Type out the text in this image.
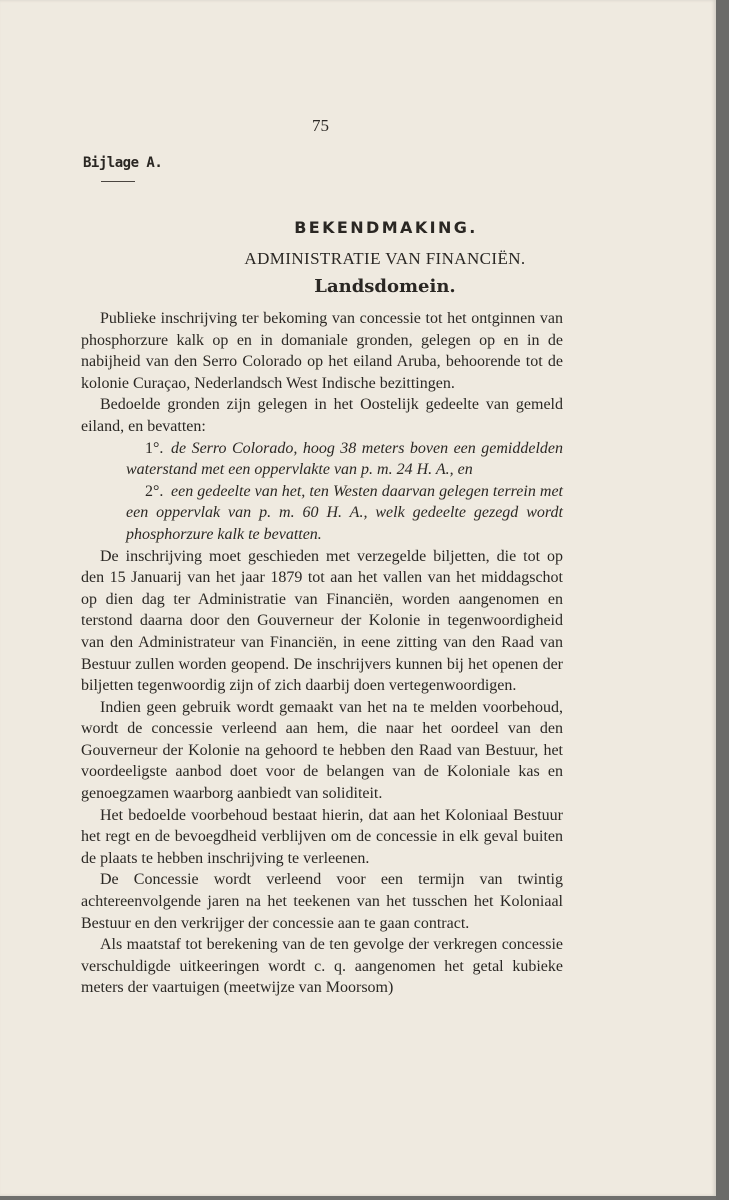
75
Bijlage A.
BEKENDMAKING.
ADMINISTRATIE VAN FINANCIËN.
Landsdomein.

Publieke inschrijving ter bekoming van concessie tot het ontginnen van phosphorzure kalk op en in domaniale gronden, gelegen op en in de nabijheid van den Serro Colorado op het eiland Aruba, behoorende tot de kolonie Curaçao, Nederlandsch West Indische bezittingen.

Bedoelde gronden zijn gelegen in het Oostelijk gedeelte van gemeld eiland, en bevatten:

1°. de Serro Colorado, hoog 38 meters boven een gemiddelden waterstand met een oppervlakte van p. m. 24 H. A., en

2°. een gedeelte van het, ten Westen daarvan gelegen terrein met een oppervlak van p. m. 60 H. A., welk gedeelte gezegd wordt phosphorzure kalk te bevatten.

De inschrijving moet geschieden met verzegelde biljetten, die tot op den 15 Januarij van het jaar 1879 tot aan het vallen van het middagschot op dien dag ter Administratie van Financiën, worden aangenomen en terstond daarna door den Gouverneur der Kolonie in tegenwoordigheid van den Administrateur van Financiën, in eene zitting van den Raad van Bestuur zullen worden geopend. De inschrijvers kunnen bij het openen der biljetten tegenwoordig zijn of zich daarbij doen vertegenwoordigen.

Indien geen gebruik wordt gemaakt van het na te melden voorbehoud, wordt de concessie verleend aan hem, die naar het oordeel van den Gouverneur der Kolonie na gehoord te hebben den Raad van Bestuur, het voordeeligste aanbod doet voor de belangen van de Koloniale kas en genoegzamen waarborg aanbiedt van soliditeit.

Het bedoelde voorbehoud bestaat hierin, dat aan het Koloniaal Bestuur het regt en de bevoegdheid verblijven om de concessie in elk geval buiten de plaats te hebben inschrijving te verleenen.

De Concessie wordt verleend voor een termijn van twintig achtereenvolgende jaren na het teekenen van het tusschen het Koloniaal Bestuur en den verkrijger der concessie aan te gaan contract.

Als maatstaf tot berekening van de ten gevolge der verkregen concessie verschuldigde uitkeeringen wordt c. q. aangenomen het getal kubieke meters der vaartuigen (meetwijze van Moorsom)
